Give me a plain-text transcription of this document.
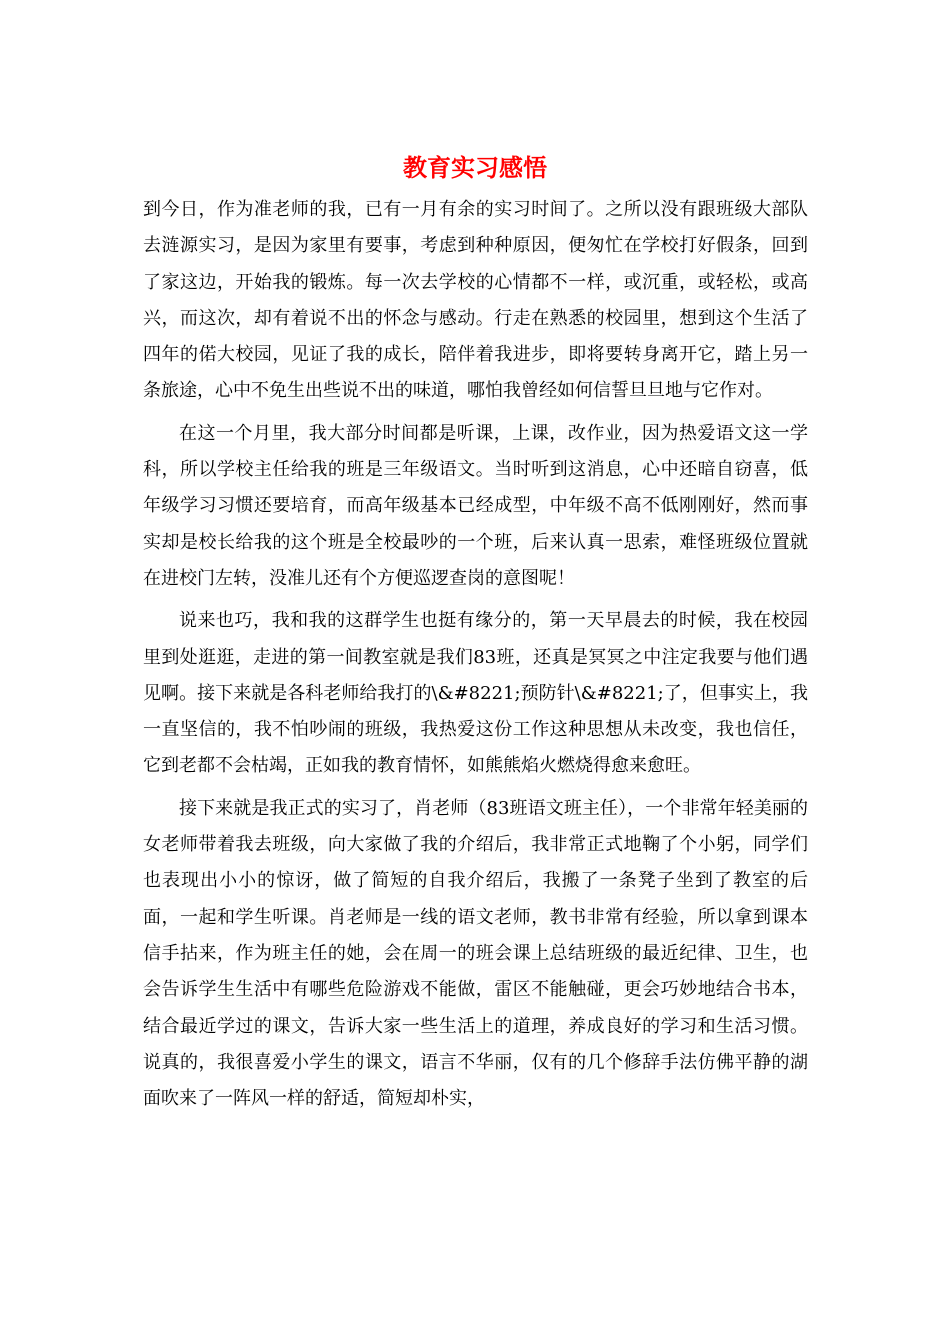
教育实习感悟

到今日，作为准老师的我，已有一月有余的实习时间了。之所以没有跟班级大部队去涟源实习，是因为家里有要事，考虑到种种原因，便匆忙在学校打好假条，回到了家这边，开始我的锻炼。每一次去学校的心情都不一样，或沉重，或轻松，或高兴，而这次，却有着说不出的怀念与感动。行走在熟悉的校园里，想到这个生活了四年的偌大校园，见证了我的成长，陪伴着我进步，即将要转身离开它，踏上另一条旅途，心中不免生出些说不出的味道，哪怕我曾经如何信誓旦旦地与它作对。

在这一个月里，我大部分时间都是听课，上课，改作业，因为热爱语文这一学科，所以学校主任给我的班是三年级语文。当时听到这消息，心中还暗自窃喜，低年级学习习惯还要培育，而高年级基本已经成型，中年级不高不低刚刚好，然而事实却是校长给我的这个班是全校最吵的一个班，后来认真一思索，难怪班级位置就在进校门左转，没准儿还有个方便巡逻查岗的意图呢！

说来也巧，我和我的这群学生也挺有缘分的，第一天早晨去的时候，我在校园里到处逛逛，走进的第一间教室就是我们83班，还真是冥冥之中注定我要与他们遇见啊。接下来就是各科老师给我打的\&#8221;预防针\&#8221;了，但事实上，我一直坚信的，我不怕吵闹的班级，我热爱这份工作这种思想从未改变，我也信任，它到老都不会枯竭，正如我的教育情怀，如熊熊焰火燃烧得愈来愈旺。

接下来就是我正式的实习了，肖老师（83班语文班主任），一个非常年轻美丽的女老师带着我去班级，向大家做了我的介绍后，我非常正式地鞠了个小躬，同学们也表现出小小的惊讶，做了简短的自我介绍后，我搬了一条凳子坐到了教室的后面，一起和学生听课。肖老师是一线的语文老师，教书非常有经验，所以拿到课本信手拈来，作为班主任的她，会在周一的班会课上总结班级的最近纪律、卫生，也会告诉学生生活中有哪些危险游戏不能做，雷区不能触碰，更会巧妙地结合书本，结合最近学过的课文，告诉大家一些生活上的道理，养成良好的学习和生活习惯。说真的，我很喜爱小学生的课文，语言不华丽，仅有的几个修辞手法仿佛平静的湖面吹来了一阵风一样的舒适，简短却朴实，
